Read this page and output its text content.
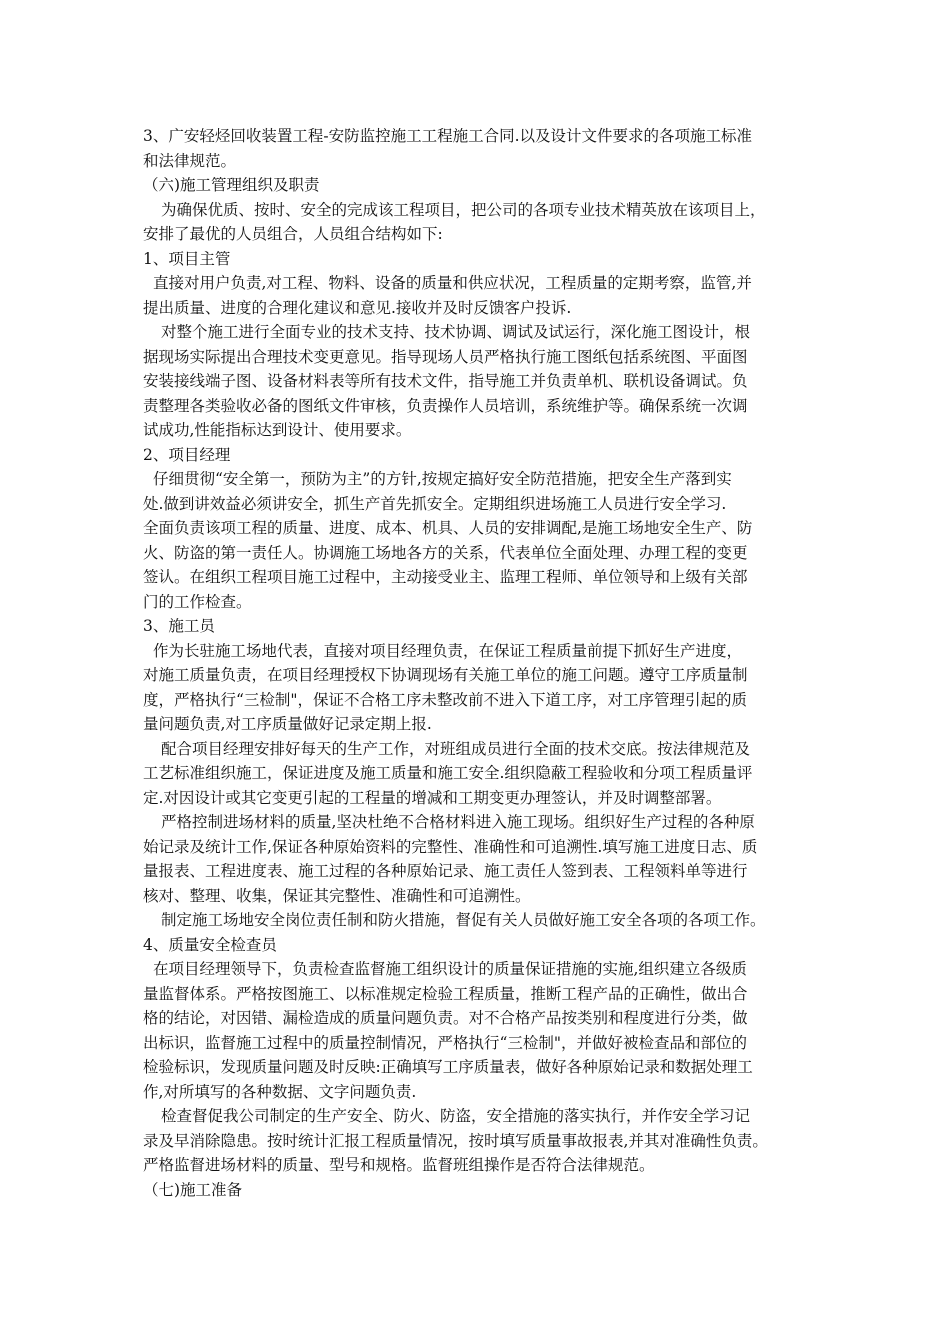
3、广安轻烃回收装置工程-安防监控施工工程施工合同.以及设计文件要求的各项施工标准
和法律规范。
（六)施工管理组织及职责
为确保优质、按时、安全的完成该工程项目，把公司的各项专业技术精英放在该项目上，
安排了最优的人员组合，人员组合结构如下:
1、项目主管
直接对用户负责,对工程、物料、设备的质量和供应状况，工程质量的定期考察，监管,并
提出质量、进度的合理化建议和意见.接收并及时反馈客户投诉.
对整个施工进行全面专业的技术支持、技术协调、调试及试运行，深化施工图设计，根
据现场实际提出合理技术变更意见。指导现场人员严格执行施工图纸包括系统图、平面图
安装接线端子图、设备材料表等所有技术文件，指导施工并负责单机、联机设备调试。负
责整理各类验收必备的图纸文件审核，负责操作人员培训，系统维护等。确保系统一次调
试成功,性能指标达到设计、使用要求。
2、项目经理
仔细贯彻“安全第一，预防为主”的方针,按规定搞好安全防范措施，把安全生产落到实
处.做到讲效益必须讲安全，抓生产首先抓安全。定期组织进场施工人员进行安全学习.
全面负责该项工程的质量、进度、成本、机具、人员的安排调配,是施工场地安全生产、防
火、防盗的第一责任人。协调施工场地各方的关系，代表单位全面处理、办理工程的变更
签认。在组织工程项目施工过程中，主动接受业主、监理工程师、单位领导和上级有关部
门的工作检查。
3、施工员
作为长驻施工场地代表，直接对项目经理负责，在保证工程质量前提下抓好生产进度，
对施工质量负责，在项目经理授权下协调现场有关施工单位的施工问题。遵守工序质量制
度，严格执行“三检制"，保证不合格工序未整改前不进入下道工序，对工序管理引起的质
量问题负责,对工序质量做好记录定期上报.
配合项目经理安排好每天的生产工作，对班组成员进行全面的技术交底。按法律规范及
工艺标准组织施工，保证进度及施工质量和施工安全.组织隐蔽工程验收和分项工程质量评
定.对因设计或其它变更引起的工程量的增减和工期变更办理签认，并及时调整部署。
严格控制进场材料的质量,坚决杜绝不合格材料进入施工现场。组织好生产过程的各种原
始记录及统计工作,保证各种原始资料的完整性、准确性和可追溯性.填写施工进度日志、质
量报表、工程进度表、施工过程的各种原始记录、施工责任人签到表、工程领料单等进行
核对、整理、收集，保证其完整性、准确性和可追溯性。
制定施工场地安全岗位责任制和防火措施，督促有关人员做好施工安全各项的各项工作。
4、质量安全检查员
在项目经理领导下，负责检查监督施工组织设计的质量保证措施的实施,组织建立各级质
量监督体系。严格按图施工、以标准规定检验工程质量，推断工程产品的正确性，做出合
格的结论，对因错、漏检造成的质量问题负责。对不合格产品按类别和程度进行分类，做
出标识，监督施工过程中的质量控制情况，严格执行“三检制"，并做好被检查品和部位的
检验标识，发现质量问题及时反映:正确填写工序质量表，做好各种原始记录和数据处理工
作,对所填写的各种数据、文字问题负责.
检查督促我公司制定的生产安全、防火、防盗，安全措施的落实执行，并作安全学习记
录及早消除隐患。按时统计汇报工程质量情况，按时填写质量事故报表,并其对准确性负责。
严格监督进场材料的质量、型号和规格。监督班组操作是否符合法律规范。
（七)施工准备
